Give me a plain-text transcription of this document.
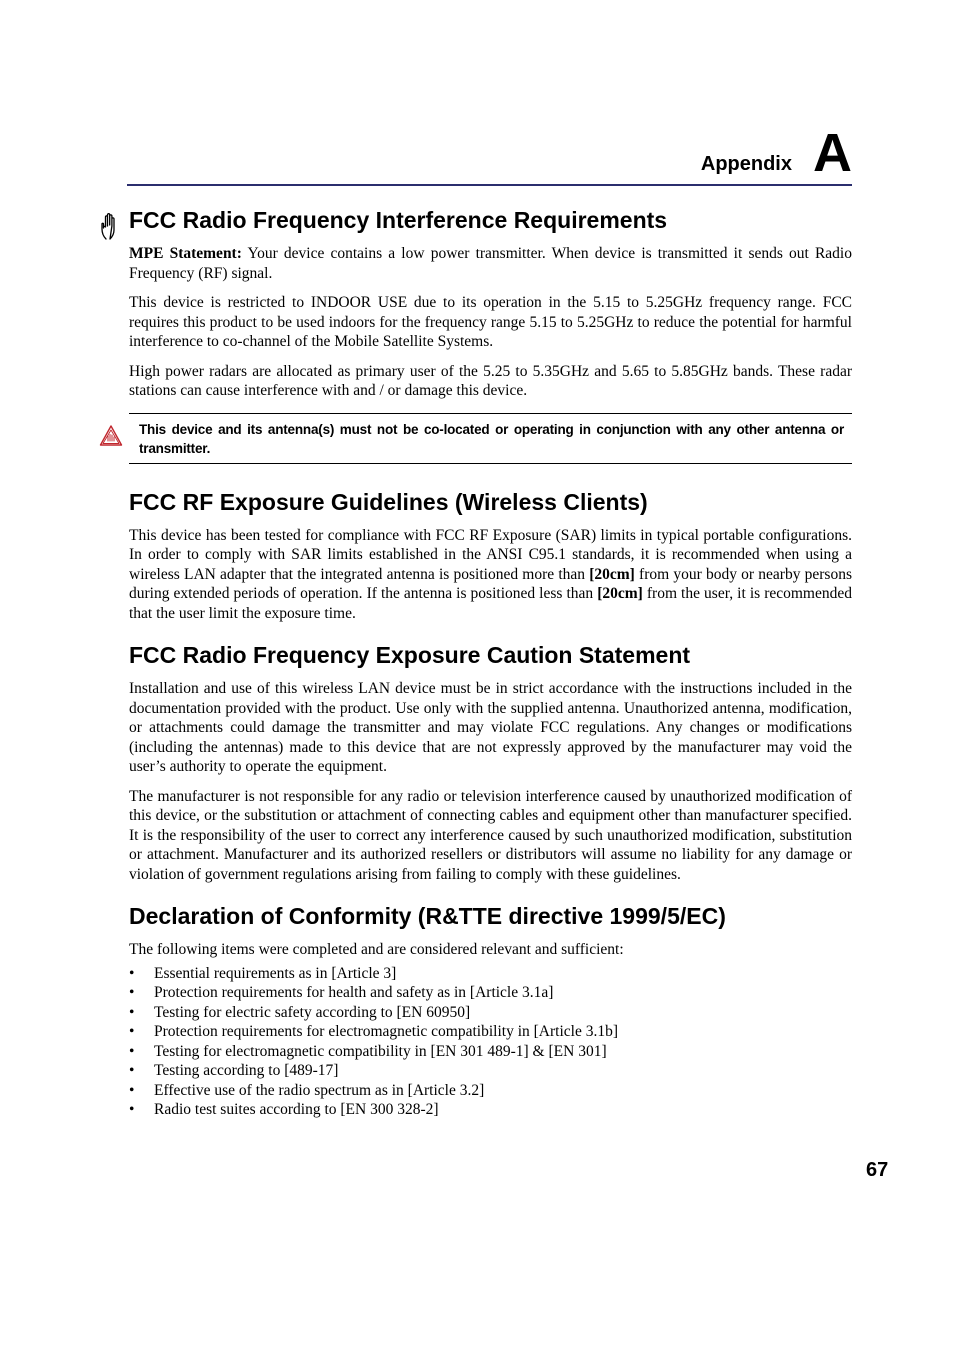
Appendix A
FCC Radio Frequency Interference Requirements

MPE Statement: Your device contains a low power transmitter. When device is transmitted it sends out Radio Frequency (RF) signal.

This device is restricted to INDOOR USE due to its operation in the 5.15 to 5.25GHz frequency range. FCC requires this product to be used indoors for the frequency range 5.15 to 5.25GHz to reduce the potential for harmful interference to co-channel of the Mobile Satellite Systems.

High power radars are allocated as primary user of the 5.25 to 5.35GHz and 5.65 to 5.85GHz bands. These radar stations can cause interference with and / or damage this device.

This device and its antenna(s) must not be co-located or operating in conjunction with any other antenna or transmitter.

FCC RF Exposure Guidelines (Wireless Clients)

This device has been tested for compliance with FCC RF Exposure (SAR) limits in typical portable configurations. In order to comply with SAR limits established in the ANSI C95.1 standards, it is recommended when using a wireless LAN adapter that the integrated antenna is positioned more than [20cm] from your body or nearby persons during extended periods of operation. If the antenna is positioned less than [20cm] from the user, it is recommended that the user limit the exposure time.

FCC Radio Frequency Exposure Caution Statement

Installation and use of this wireless LAN device must be in strict accordance with the instructions included in the documentation provided with the product. Use only with the supplied antenna. Unauthorized antenna, modification, or attachments could damage the transmitter and may violate FCC regulations. Any changes or modifications (including the antennas) made to this device that are not expressly approved by the manufacturer may void the user’s authority to operate the equipment.

The manufacturer is not responsible for any radio or television interference caused by unauthorized modification of this device, or the substitution or attachment of connecting cables and equipment other than manufacturer specified. It is the responsibility of the user to correct any interference caused by such unauthorized modification, substitution or attachment. Manufacturer and its authorized resellers or distributors will assume no liability for any damage or violation of government regulations arising from failing to comply with these guidelines.

Declaration of Conformity (R&TTE directive 1999/5/EC)

The following items were completed and are considered relevant and sufficient:

• Essential requirements as in [Article 3]
• Protection requirements for health and safety as in [Article 3.1a]
• Testing for electric safety according to [EN 60950]
• Protection requirements for electromagnetic compatibility in [Article 3.1b]
• Testing for electromagnetic compatibility in [EN 301 489-1] & [EN 301]
• Testing according to [489-17]
• Effective use of the radio spectrum as in [Article 3.2]
• Radio test suites according to [EN 300 328-2]
67
